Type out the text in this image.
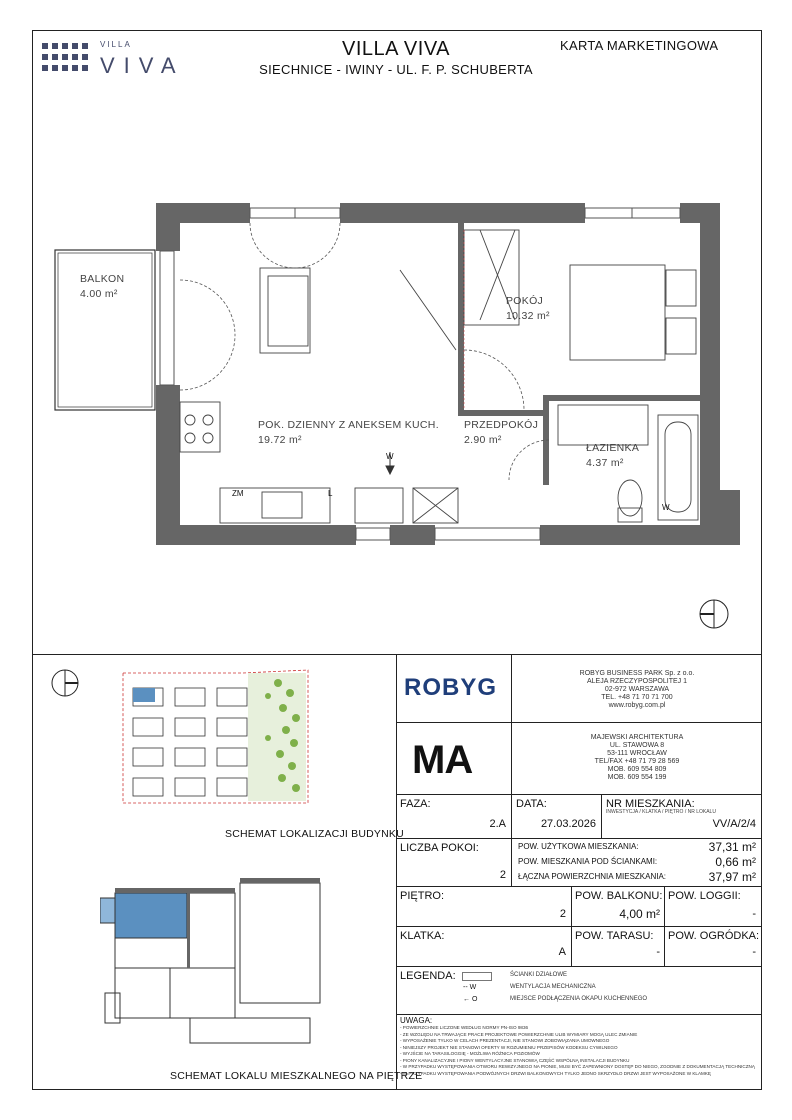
VILLA
VIVA
VILLA VIVA
SIECHNICE - IWINY - UL. F. P. SCHUBERTA
KARTA MARKETINGOWA
BALKON
4.00 m²
POKÓJ
10.32 m²
POK. DZIENNY Z ANEKSEM KUCH.
19.72 m²
PRZEDPOKÓJ
2.90 m²
ŁAZIENKA
4.37 m²
W
ZM	L
W
SCHEMAT LOKALIZACJI BUDYNKU
SCHEMAT LOKALU MIESZKALNEGO NA PIĘTRZE
ROBYG
ROBYG BUSINESS PARK Sp. z o.o.
ALEJA RZECZYPOSPOLITEJ 1
02-972 WARSZAWA
TEL. +48 71 70 71 700
www.robyg.com.pl
MA
MAJEWSKI ARCHITEKTURA
UL. STAWOWA 8
53-111 WROCŁAW
TEL/FAX +48 71 79 28 569
MOB. 609 554 809
MOB. 609 554 199
FAZA:
2.A
DATA:
27.03.2026
NR MIESZKANIA:
INWESTYCJA / KLATKA / PIĘTRO / NR LOKALU
VV/A/2/4
LICZBA POKOI:
2
POW. UŻYTKOWA MIESZKANIA:	37,31 m²
POW. MIESZKANIA POD ŚCIANKAMI:	0,66 m²
ŁĄCZNA POWIERZCHNIA MIESZKANIA:	37,97 m²
PIĘTRO:
2
POW. BALKONU:
4,00 m²
POW. LOGGII:
-
KLATKA:
A
POW. TARASU:
-
POW. OGRÓDKA:
-
LEGENDA:
-- W
← O
ŚCIANKI DZIAŁOWE
WENTYLACJA MECHANICZNA
MIEJSCE PODŁĄCZENIA OKAPU KUCHENNEGO
UWAGA:
- POWIERZCHNIE LICZONE WEDŁUG NORMY PN-ISO 9836
- ZE WZGLĘDU NA TRWAJĄCE PRACE PROJEKTOWE POWIERZCHNIE ULIB WYMIARY MOGĄ ULEC ZMIANIE
- WYPOSAŻENIE TYLKO W CELACH PREZENTACJI, NIE STANOWI ZOBOWIĄZANIA UMOWNEGO
- NINIEJSZY PROJEKT NIE STANOWI OFERTY W ROZUMIENIU PRZEPISÓW KODEKSU CYWILNEGO
- WYJŚCIE NA TARASILOGGIĘ - MOŻLIWA RÓŻNICA POZIOMÓW
- PIONY KANALIZACYJNE I PIONY WENTYLACYJNE STANOWIĄ CZĘŚĆ WSPÓLNĄ INSTALACJI BUDYNKU
- W PRZYPADKU WYSTĘPOWANIA OTWORU REWIZYJNEGO NA PIONIE, MUSI BYĆ ZAPEWNIONY DOSTĘP DO NIEGO, ZGODNIE Z DOKUMENTACJĄ TECHNICZNĄ
- W PRZYPADKU WYSTĘPOWANIA PODWÓJNYCH DRZWI BALKONOWYCH TYLKO JEDNO SKRZYDŁO DRZWI JEST WYPOSAŻONE W KLAMKĘ
